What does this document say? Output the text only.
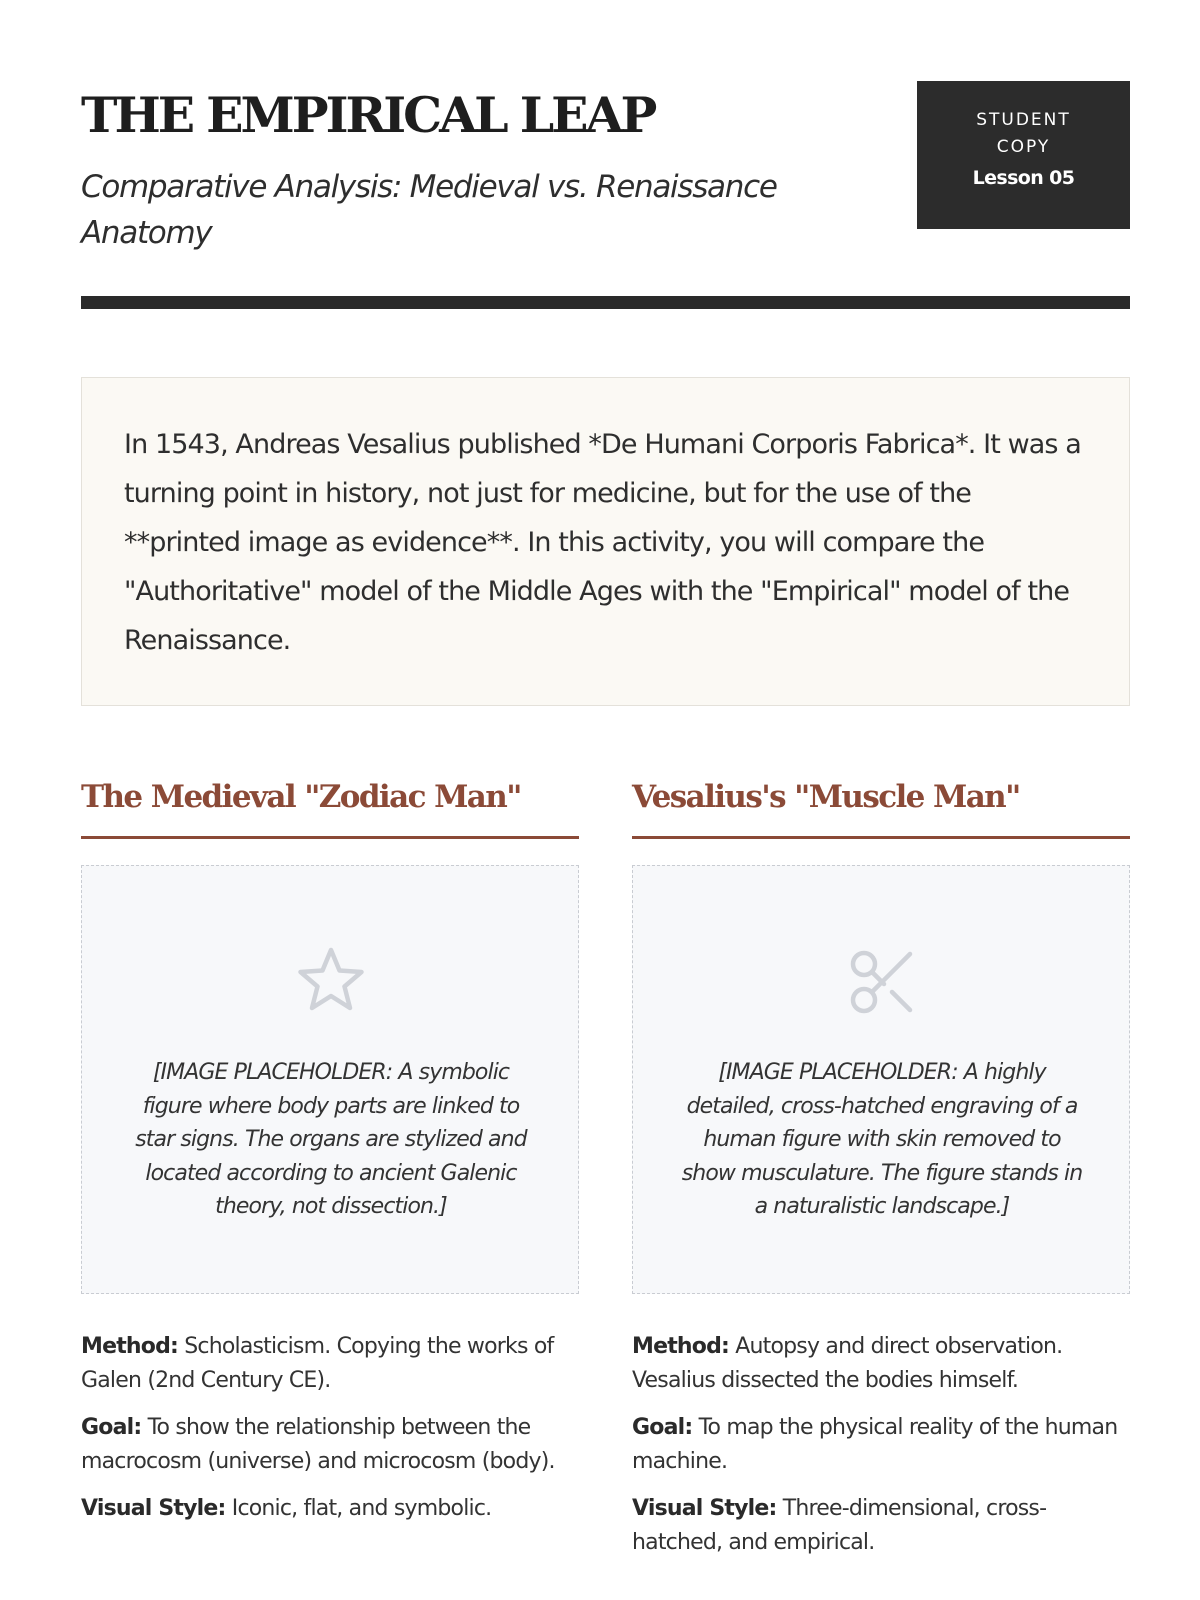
THE EMPIRICAL LEAP

Comparative Analysis: Medieval vs. Renaissance Anatomy

STUDENT COPY
Lesson 05

In 1543, Andreas Vesalius published *De Humani Corporis Fabrica*. It was a turning point in history, not just for medicine, but for the use of the **printed image as evidence**. In this activity, you will compare the "Authoritative" model of the Middle Ages with the "Empirical" model of the Renaissance.

The Medieval "Zodiac Man"

[IMAGE PLACEHOLDER: A symbolic figure where body parts are linked to star signs. The organs are stylized and located according to ancient Galenic theory, not dissection.]

Method: Scholasticism. Copying the works of Galen (2nd Century CE).

Goal: To show the relationship between the macrocosm (universe) and microcosm (body).

Visual Style: Iconic, flat, and symbolic.

Vesalius's "Muscle Man"

[IMAGE PLACEHOLDER: A highly detailed, cross-hatched engraving of a human figure with skin removed to show musculature. The figure stands in a naturalistic landscape.]

Method: Autopsy and direct observation. Vesalius dissected the bodies himself.

Goal: To map the physical reality of the human machine.

Visual Style: Three-dimensional, cross-hatched, and empirical.
